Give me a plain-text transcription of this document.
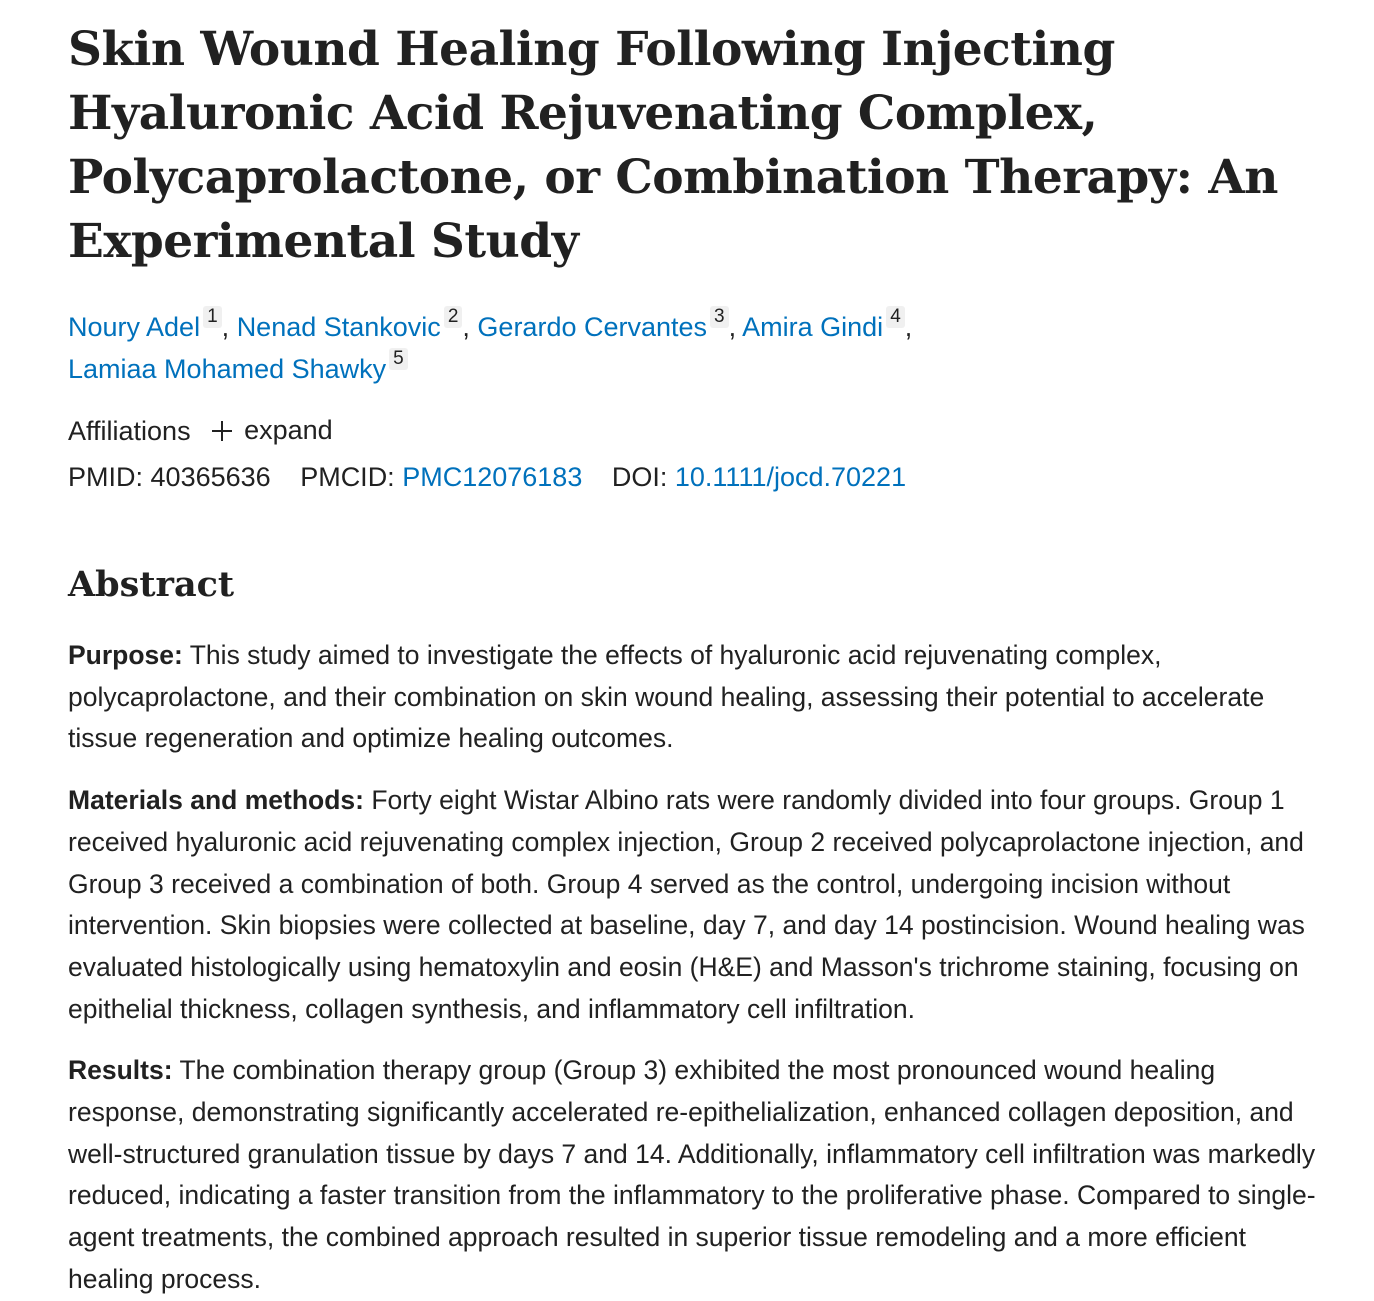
Skin Wound Healing Following Injecting Hyaluronic Acid Rejuvenating Complex, Polycaprolactone, or Combination Therapy: An Experimental Study
Noury Adel 1 , Nenad Stankovic 2 , Gerardo Cervantes 3 , Amira Gindi 4 ,
Lamiaa Mohamed Shawky 5
Affiliations expand
PMID: 40365636 PMCID: PMC12076183 DOI: 10.1111/jocd.70221
Abstract

Purpose: This study aimed to investigate the effects of hyaluronic acid rejuvenating complex, polycaprolactone, and their combination on skin wound healing, assessing their potential to accelerate tissue regeneration and optimize healing outcomes.

Materials and methods: Forty eight Wistar Albino rats were randomly divided into four groups. Group 1 received hyaluronic acid rejuvenating complex injection, Group 2 received polycaprolactone injection, and Group 3 received a combination of both. Group 4 served as the control, undergoing incision without intervention. Skin biopsies were collected at baseline, day 7, and day 14 postincision. Wound healing was evaluated histologically using hematoxylin and eosin (H&E) and Masson's trichrome staining, focusing on epithelial thickness, collagen synthesis, and inflammatory cell infiltration.

Results: The combination therapy group (Group 3) exhibited the most pronounced wound healing response, demonstrating significantly accelerated re-epithelialization, enhanced collagen deposition, and well-structured granulation tissue by days 7 and 14. Additionally, inflammatory cell infiltration was markedly reduced, indicating a faster transition from the inflammatory to the proliferative phase. Compared to single-agent treatments, the combined approach resulted in superior tissue remodeling and a more efficient healing process.
